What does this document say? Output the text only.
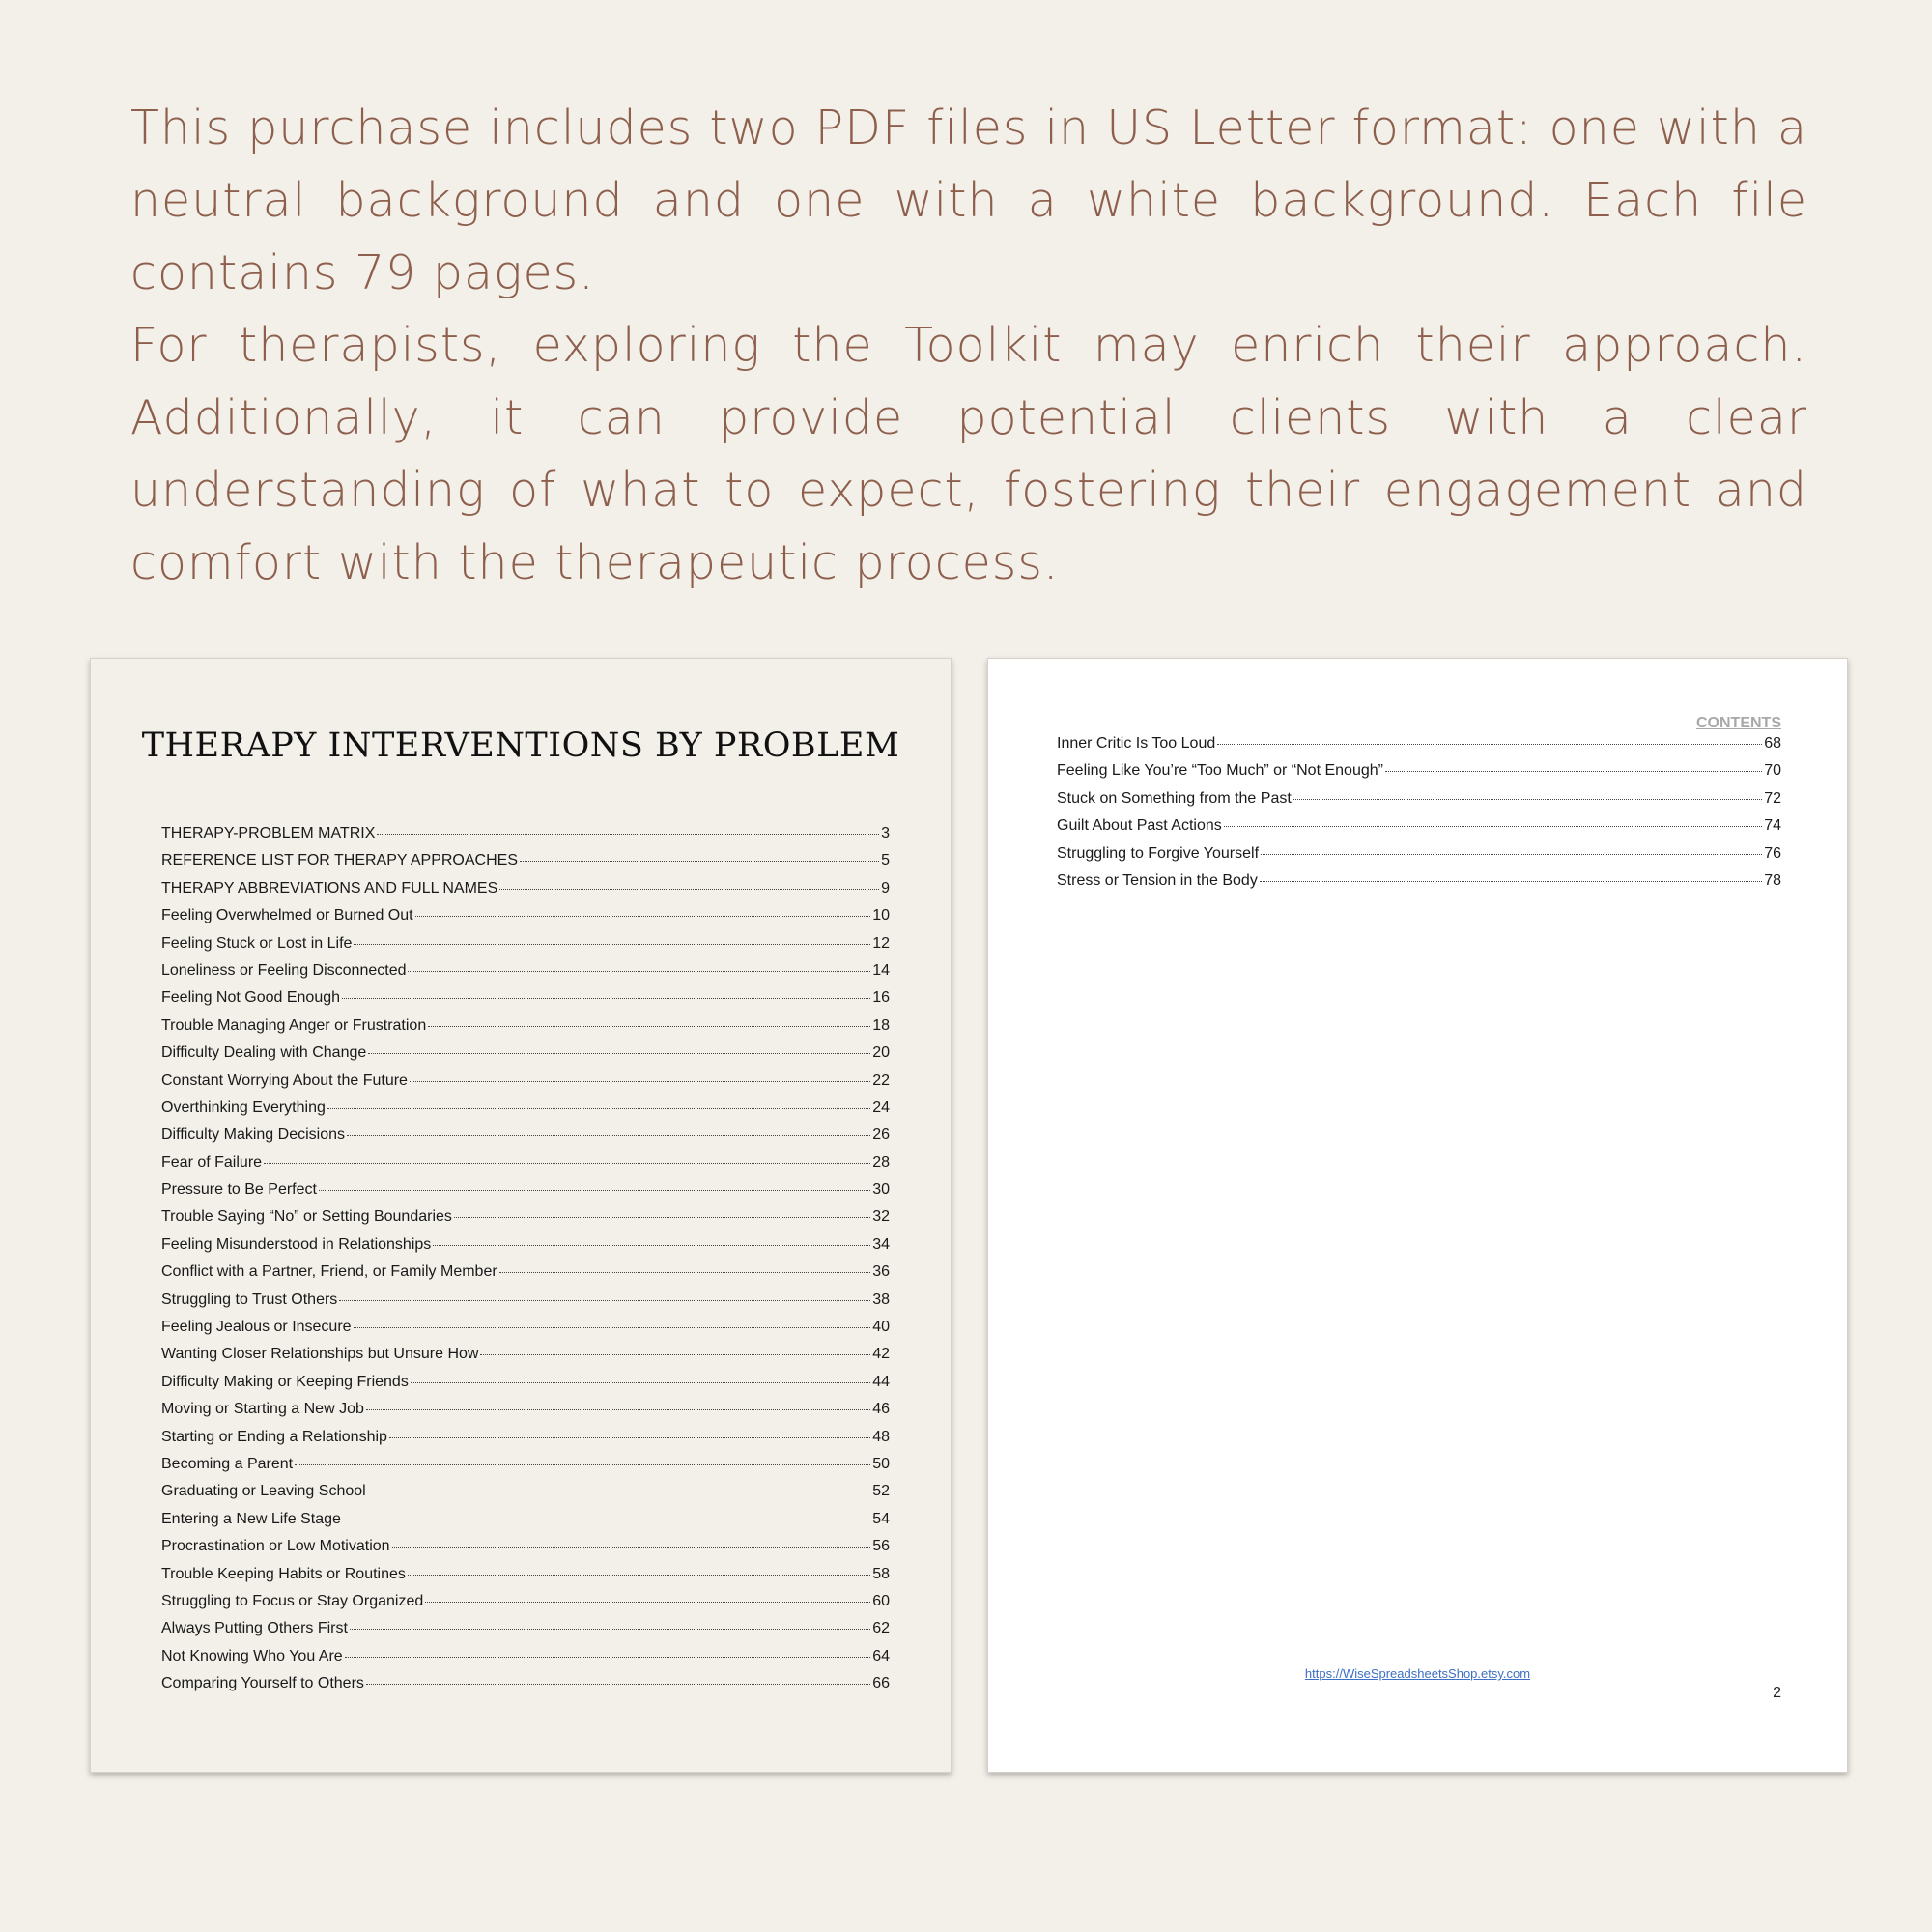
This purchase includes two PDF files in US Letter format: one with a neutral background and one with a white background. Each file contains 79 pages.

For therapists, exploring the Toolkit may enrich their approach. Additionally, it can provide potential clients with a clear understanding of what to expect, fostering their engagement and comfort with the therapeutic process.

THERAPY INTERVENTIONS BY PROBLEM
THERAPY-PROBLEM MATRIX	3
REFERENCE LIST FOR THERAPY APPROACHES	5
THERAPY ABBREVIATIONS AND FULL NAMES	9
Feeling Overwhelmed or Burned Out	10
Feeling Stuck or Lost in Life	12
Loneliness or Feeling Disconnected	14
Feeling Not Good Enough	16
Trouble Managing Anger or Frustration	18
Difficulty Dealing with Change	20
Constant Worrying About the Future	22
Overthinking Everything	24
Difficulty Making Decisions	26
Fear of Failure	28
Pressure to Be Perfect	30
Trouble Saying “No” or Setting Boundaries	32
Feeling Misunderstood in Relationships	34
Conflict with a Partner, Friend, or Family Member	36
Struggling to Trust Others	38
Feeling Jealous or Insecure	40
Wanting Closer Relationships but Unsure How	42
Difficulty Making or Keeping Friends	44
Moving or Starting a New Job	46
Starting or Ending a Relationship	48
Becoming a Parent	50
Graduating or Leaving School	52
Entering a New Life Stage	54
Procrastination or Low Motivation	56
Trouble Keeping Habits or Routines	58
Struggling to Focus or Stay Organized	60
Always Putting Others First	62
Not Knowing Who You Are	64
Comparing Yourself to Others	66
CONTENTS
Inner Critic Is Too Loud	68
Feeling Like You’re “Too Much” or “Not Enough”	70
Stuck on Something from the Past	72
Guilt About Past Actions	74
Struggling to Forgive Yourself	76
Stress or Tension in the Body	78
https://WiseSpreadsheetsShop.etsy.com
2
